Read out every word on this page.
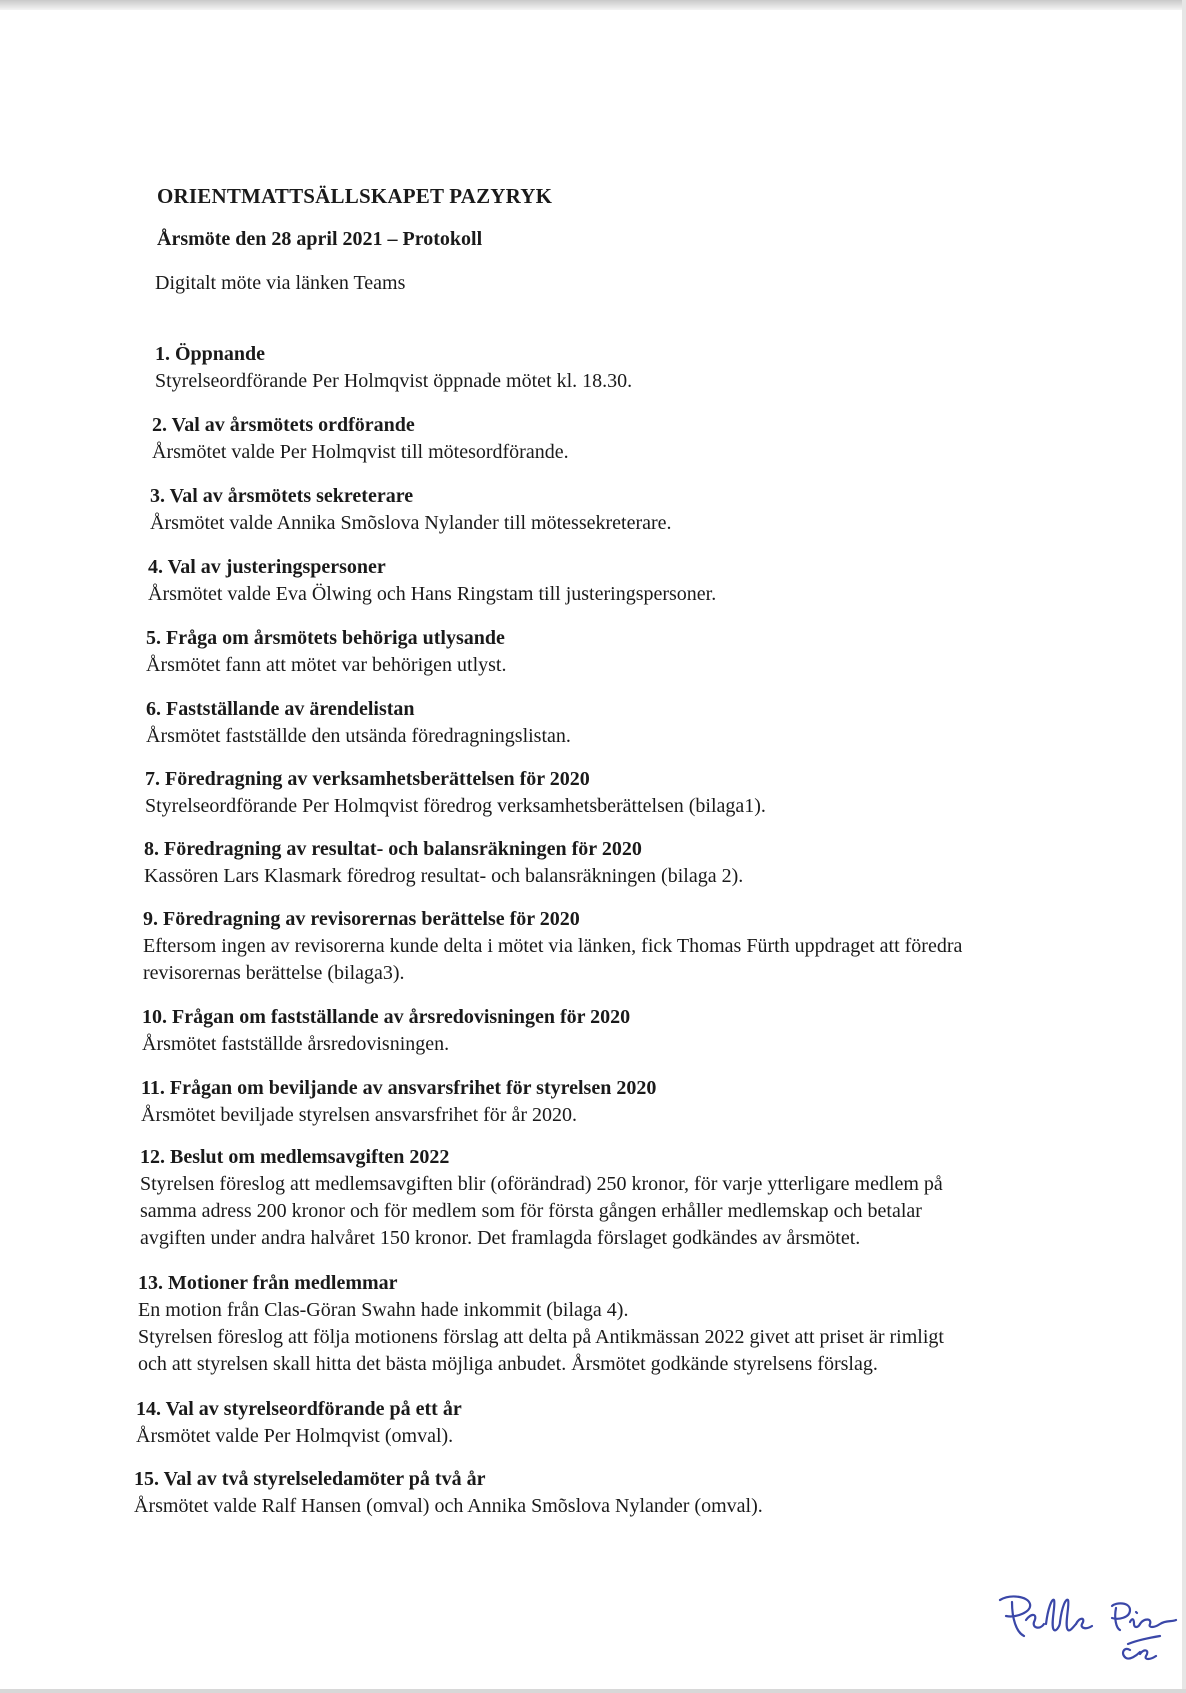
ORIENTMATTSÄLLSKAPET PAZYRYK
Årsmöte den 28 april 2021 – Protokoll

Digitalt möte via länken Teams

1. Öppnande

Styrelseordförande Per Holmqvist öppnade mötet kl. 18.30.

2. Val av årsmötets ordförande

Årsmötet valde Per Holmqvist till mötesordförande.

3. Val av årsmötets sekreterare

Årsmötet valde Annika Smõslova Nylander till mötessekreterare.

4. Val av justeringspersoner

Årsmötet valde Eva Ölwing och Hans Ringstam till justeringspersoner.

5. Fråga om årsmötets behöriga utlysande

Årsmötet fann att mötet var behörigen utlyst.

6. Fastställande av ärendelistan

Årsmötet fastställde den utsända föredragningslistan.

7. Föredragning av verksamhetsberättelsen för 2020

Styrelseordförande Per Holmqvist föredrog verksamhetsberättelsen (bilaga1).

8. Föredragning av resultat- och balansräkningen för 2020

Kassören Lars Klasmark föredrog resultat- och balansräkningen (bilaga 2).

9. Föredragning av revisorernas berättelse för 2020

Eftersom ingen av revisorerna kunde delta i mötet via länken, fick Thomas Fürth uppdraget att föredra

revisorernas berättelse (bilaga3).

10. Frågan om fastställande av årsredovisningen för 2020

Årsmötet fastställde årsredovisningen.

11. Frågan om beviljande av ansvarsfrihet för styrelsen 2020

Årsmötet beviljade styrelsen ansvarsfrihet för år 2020.

12. Beslut om medlemsavgiften 2022

Styrelsen föreslog att medlemsavgiften blir (oförändrad) 250 kronor, för varje ytterligare medlem på

samma adress 200 kronor och för medlem som för första gången erhåller medlemskap och betalar

avgiften under andra halvåret 150 kronor. Det framlagda förslaget godkändes av årsmötet.

13. Motioner från medlemmar

En motion från Clas-Göran Swahn hade inkommit (bilaga 4).

Styrelsen föreslog att följa motionens förslag att delta på Antikmässan 2022 givet att priset är rimligt

och att styrelsen skall hitta det bästa möjliga anbudet. Årsmötet godkände styrelsens förslag.

14. Val av styrelseordförande på ett år

Årsmötet valde Per Holmqvist (omval).

15. Val av två styrelseledamöter på två år

Årsmötet valde Ralf Hansen (omval) och Annika Smõslova Nylander (omval).
